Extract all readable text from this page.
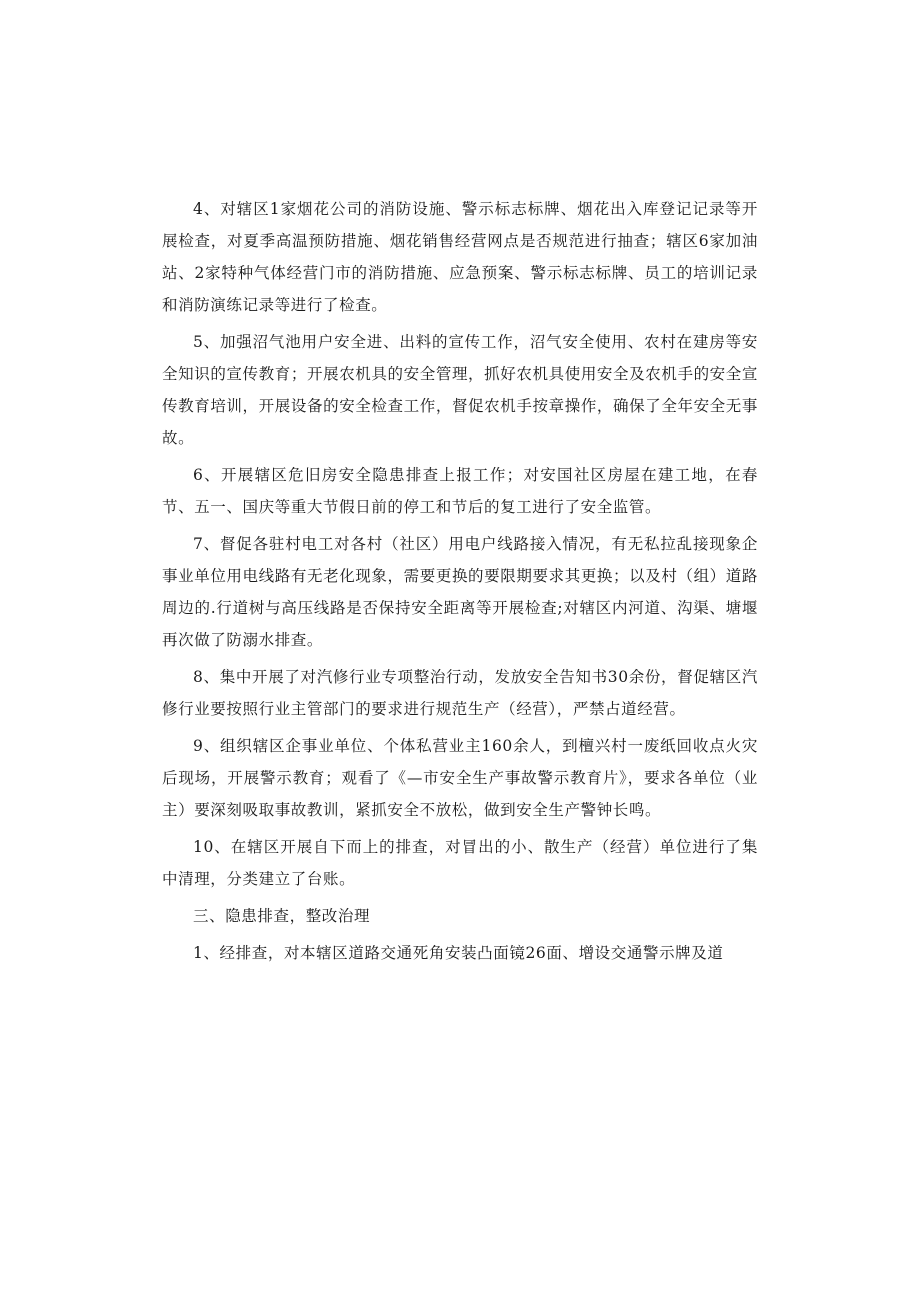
4、对辖区1家烟花公司的消防设施、警示标志标牌、烟花出入库登记记录等开展检查，对夏季高温预防措施、烟花销售经营网点是否规范进行抽查；辖区6家加油站、2家特种气体经营门市的消防措施、应急预案、警示标志标牌、员工的培训记录和消防演练记录等进行了检查。

5、加强沼气池用户安全进、出料的宣传工作，沼气安全使用、农村在建房等安全知识的宣传教育；开展农机具的安全管理，抓好农机具使用安全及农机手的安全宣传教育培训，开展设备的安全检查工作，督促农机手按章操作，确保了全年安全无事故。

6、开展辖区危旧房安全隐患排查上报工作；对安国社区房屋在建工地，在春节、五一、国庆等重大节假日前的停工和节后的复工进行了安全监管。

7、督促各驻村电工对各村（社区）用电户线路接入情况，有无私拉乱接现象企事业单位用电线路有无老化现象，需要更换的要限期要求其更换；以及村（组）道路周边的.行道树与高压线路是否保持安全距离等开展检查;对辖区内河道、沟渠、塘堰再次做了防溺水排查。

8、集中开展了对汽修行业专项整治行动，发放安全告知书30余份，督促辖区汽修行业要按照行业主管部门的要求进行规范生产（经营），严禁占道经营。

9、组织辖区企事业单位、个体私营业主160余人，到檀兴村一废纸回收点火灾后现场，开展警示教育；观看了《—市安全生产事故警示教育片》，要求各单位（业主）要深刻吸取事故教训，紧抓安全不放松，做到安全生产警钟长鸣。

10、在辖区开展自下而上的排查，对冒出的小、散生产（经营）单位进行了集中清理，分类建立了台账。

三、隐患排查，整改治理

1、经排查，对本辖区道路交通死角安装凸面镜26面、增设交通警示牌及道
